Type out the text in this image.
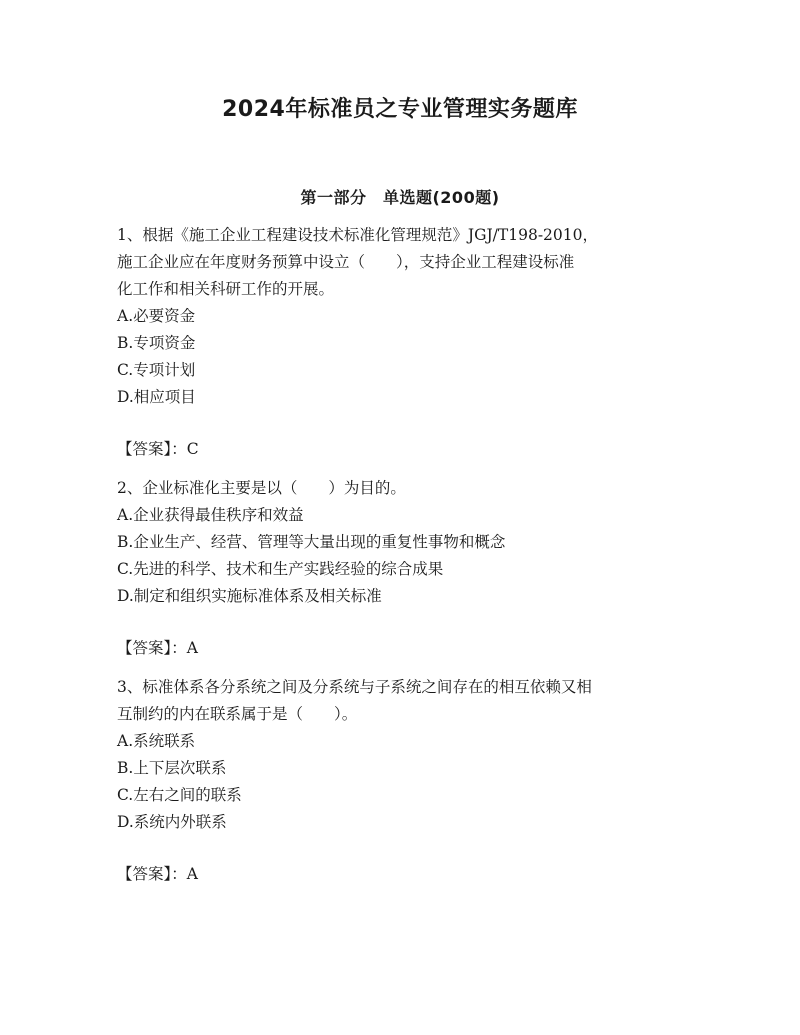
2024年标准员之专业管理实务题库
第一部分　单选题(200题)
1、根据《施工企业工程建设技术标准化管理规范》JGJ/T198-2010，
施工企业应在年度财务预算中设立（　　），支持企业工程建设标准
化工作和相关科研工作的开展。
A.必要资金
B.专项资金
C.专项计划
D.相应项目
【答案】：C
2、企业标准化主要是以（　　）为目的。
A.企业获得最佳秩序和效益
B.企业生产、经营、管理等大量出现的重复性事物和概念
C.先进的科学、技术和生产实践经验的综合成果
D.制定和组织实施标准体系及相关标准
【答案】：A
3、标准体系各分系统之间及分系统与子系统之间存在的相互依赖又相
互制约的内在联系属于是（　　）。
A.系统联系
B.上下层次联系
C.左右之间的联系
D.系统内外联系
【答案】：A
